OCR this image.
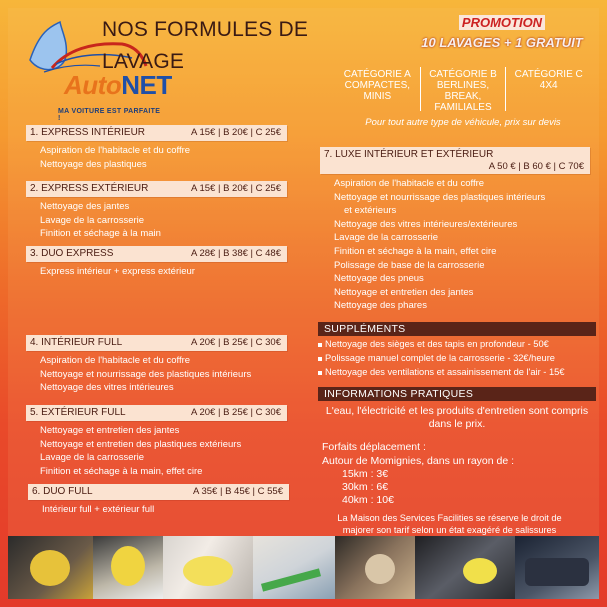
AutoNET
MA VOITURE EST PARFAITE !
NOS FORMULES DE LAVAGE
PROMOTION
10 LAVAGES + 1 GRATUIT
CATÉGORIE A
COMPACTES, MINIS
CATÉGORIE B
BERLINES, BREAK, FAMILIALES
CATÉGORIE C
4X4
Pour tout autre type de véhicule, prix sur devis
1. EXPRESS INTÉRIEUR	A 15€ | B 20€ | C 25€
Aspiration de l'habitacle et du coffre
Nettoyage des plastiques
2. EXPRESS EXTÉRIEUR	A 15€ | B 20€ | C 25€
Nettoyage des jantes
Lavage de la carrosserie
Finition et séchage à la main
3. DUO EXPRESS	A 28€ | B 38€ | C 48€
Express intérieur + express extérieur
4. INTÉRIEUR FULL	A 20€ | B 25€ | C 30€
Aspiration de l'habitacle et du coffre
Nettoyage et nourrissage des plastiques intérieurs
Nettoyage des vitres intérieures
5. EXTÉRIEUR FULL	A 20€ | B 25€ | C 30€
Nettoyage et entretien des jantes
Nettoyage et entretien des plastiques extérieurs
Lavage de la carrosserie
Finition et séchage à la main, effet cire
6. DUO FULL	A 35€ | B 45€ | C 55€
Intérieur full + extérieur full
7. LUXE INTÉRIEUR ET EXTÉRIEUR
A 50 € | B 60 € | C 70€
Aspiration de l'habitacle et du coffre
Nettoyage et nourrissage des plastiques intérieurs
et extérieurs
Nettoyage des vitres intérieures/extérieures
Lavage de la carrosserie
Finition et séchage à la main, effet cire
Polissage de base de la carrosserie
Nettoyage des pneus
Nettoyage et entretien des jantes
Nettoyage des phares
SUPPLÉMENTS
Nettoyage des sièges et des tapis en profondeur - 50€
Polissage manuel complet de la carrosserie - 32€/heure
Nettoyage des ventilations et assainissement de l'air - 15€
INFORMATIONS PRATIQUES
L'eau, l'électricité et les produits d'entretien sont compris dans le prix.
Forfaits déplacement :
Autour de Momignies, dans un rayon de :
15km : 3€
30km : 6€
40km : 10€
La Maison des Services Facilities se réserve le droit de majorer son tarif selon un état exagéré de salissures
